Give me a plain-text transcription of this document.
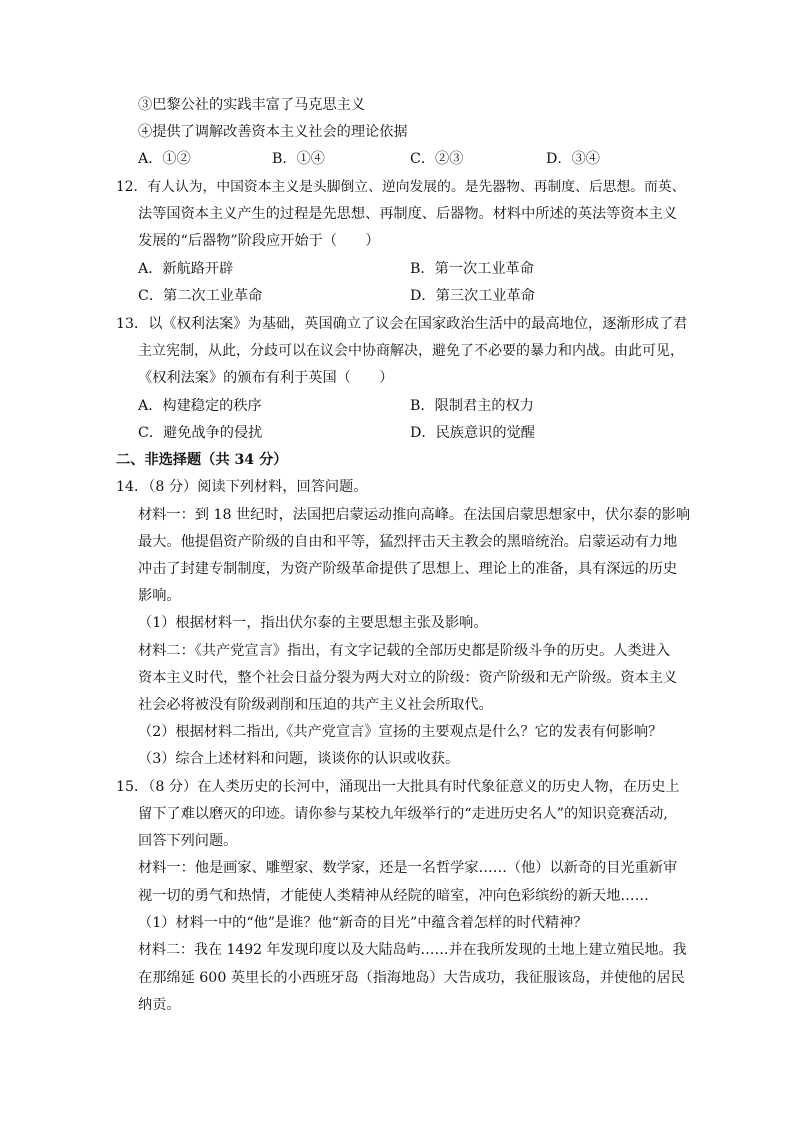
③巴黎公社的实践丰富了马克思主义
④提供了调解改善资本主义社会的理论依据
A．①②	B．①④	C．②③	D．③④
12．有人认为，中国资本主义是头脚倒立、逆向发展的。是先器物、再制度、后思想。而英、
法等国资本主义产生的过程是先思想、再制度、后器物。材料中所述的英法等资本主义
发展的“后器物”阶段应开始于（　　）
A．新航路开辟	B．第一次工业革命
C．第二次工业革命	D．第三次工业革命
13．以《权利法案》为基础，英国确立了议会在国家政治生活中的最高地位，逐渐形成了君
主立宪制，从此，分歧可以在议会中协商解决，避免了不必要的暴力和内战。由此可见，
《权利法案》的颁布有利于英国（　　）
A．构建稳定的秩序	B．限制君主的权力
C．避免战争的侵扰	D．民族意识的觉醒
二、非选择题（共 34 分）
14．（8 分）阅读下列材料，回答问题。
材料一：到 18 世纪时，法国把启蒙运动推向高峰。在法国启蒙思想家中，伏尔泰的影响
最大。他提倡资产阶级的自由和平等，猛烈抨击天主教会的黑暗统治。启蒙运动有力地
冲击了封建专制制度，为资产阶级革命提供了思想上、理论上的准备，具有深远的历史
影响。
（1）根据材料一，指出伏尔泰的主要思想主张及影响。
材料二：《共产党宣言》指出，有文字记载的全部历史都是阶级斗争的历史。人类进入
资本主义时代，整个社会日益分裂为两大对立的阶级：资产阶级和无产阶级。资本主义
社会必将被没有阶级剥削和压迫的共产主义社会所取代。
（2）根据材料二指出,《共产党宣言》宣扬的主要观点是什么？它的发表有何影响？
（3）综合上述材料和问题，谈谈你的认识或收获。
15．（8 分）在人类历史的长河中，涌现出一大批具有时代象征意义的历史人物，在历史上
留下了难以磨灭的印迹。请你参与某校九年级举行的“走进历史名人”的知识竞赛活动,
回答下列问题。
材料一：他是画家、雕塑家、数学家，还是一名哲学家……（他）以新奇的目光重新审
视一切的勇气和热情，才能使人类精神从经院的暗室，冲向色彩缤纷的新天地……
（1）材料一中的“他”是谁？他“新奇的目光”中蕴含着怎样的时代精神？
材料二：我在 1492 年发现印度以及大陆岛屿……并在我所发现的土地上建立殖民地。我
在那绵延 600 英里长的小西班牙岛（指海地岛）大告成功，我征服该岛，并使他的居民
纳贡。
